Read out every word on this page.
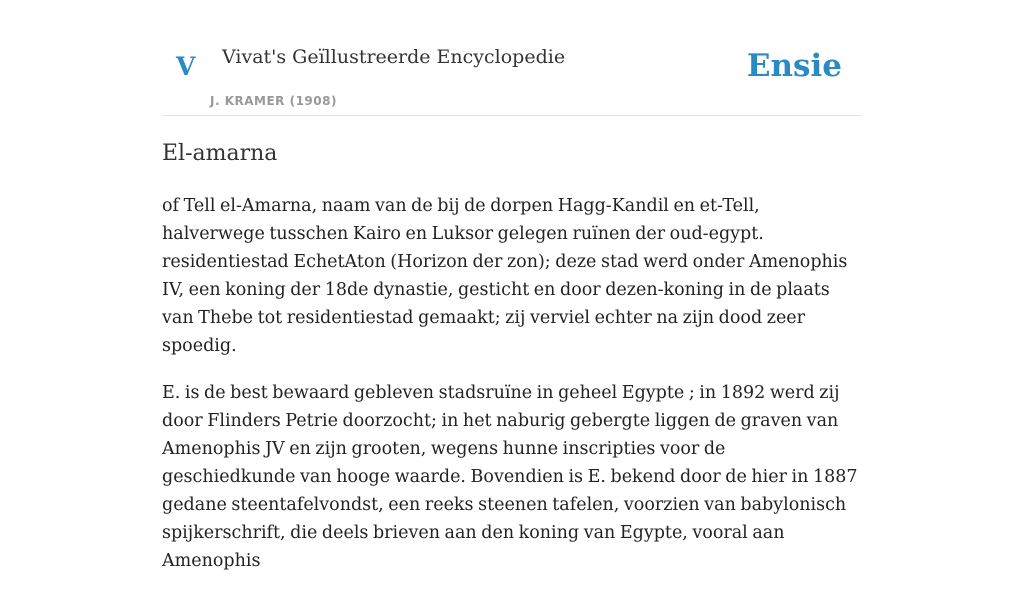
V Vivat's Geïllustreerde Encyclopedie
J. KRAMER (1908)
Ensie
El-amarna

of Tell el-Amarna, naam van de bij de dorpen Hagg-Kandil en et-Tell, halverwege tusschen Kairo en Luksor gelegen ruïnen der oud-egypt. residentiestad EchetAton (Horizon der zon); deze stad werd onder Amenophis IV, een koning der 18de dynastie, gesticht en door dezen-koning in de plaats van Thebe tot residentiestad gemaakt; zij verviel echter na zijn dood zeer spoedig.

E. is de best bewaard gebleven stadsruïne in geheel Egypte ; in 1892 werd zij door Flinders Petrie doorzocht; in het naburig gebergte liggen de graven van Amenophis JV en zijn grooten, wegens hunne inscripties voor de geschiedkunde van hooge waarde. Bovendien is E. bekend door de hier in 1887 gedane steentafelvondst, een reeks steenen tafelen, voorzien van babylonisch spijkerschrift, die deels brieven aan den koning van Egypte, vooral aan Amenophis
